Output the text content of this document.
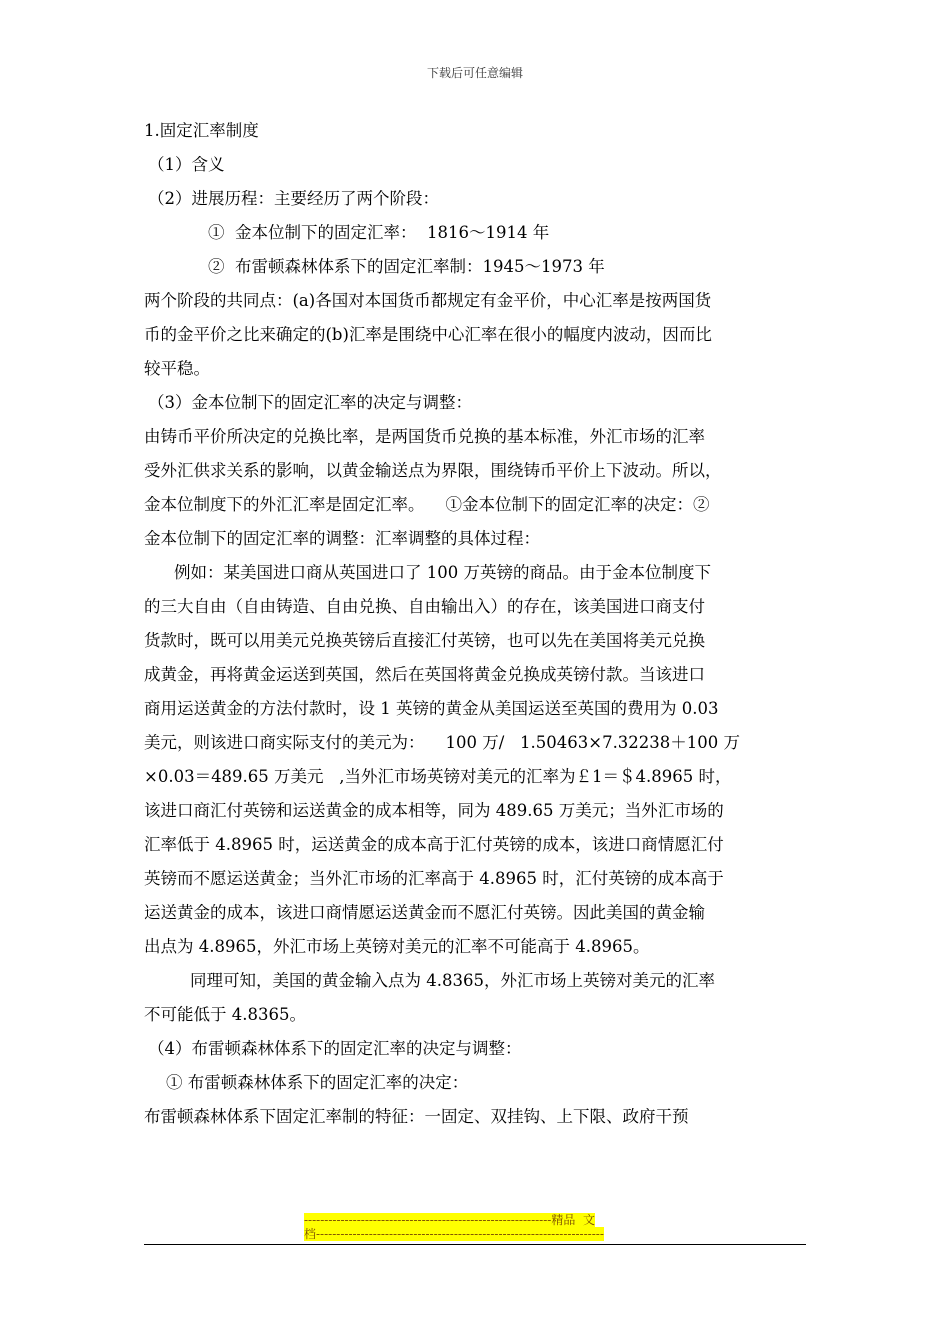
下载后可任意编辑
1.固定汇率制度
（1）含义
（2）进展历程：主要经历了两个阶段：
①  金本位制下的固定汇率：  1816～1914 年
②  布雷顿森林体系下的固定汇率制：1945～1973 年
两个阶段的共同点：(a)各国对本国货币都规定有金平价，中心汇率是按两国货
币的金平价之比来确定的(b)汇率是围绕中心汇率在很小的幅度内波动，因而比
较平稳。
（3）金本位制下的固定汇率的决定与调整：
由铸币平价所决定的兑换比率，是两国货币兑换的基本标准，外汇市场的汇率
受外汇供求关系的影响，以黄金输送点为界限，围绕铸币平价上下波动。所以，
金本位制度下的外汇汇率是固定汇率。    ①金本位制下的固定汇率的决定：②
金本位制下的固定汇率的调整：汇率调整的具体过程：
例如：某美国进口商从英国进口了 100 万英镑的商品。由于金本位制度下
的三大自由（自由铸造、自由兑换、自由输出入）的存在，该美国进口商支付
货款时，既可以用美元兑换英镑后直接汇付英镑，也可以先在美国将美元兑换
成黄金，再将黄金运送到英国，然后在英国将黄金兑换成英镑付款。当该进口
商用运送黄金的方法付款时，设 1 英镑的黄金从美国运送至英国的费用为 0.03
美元，则该进口商实际支付的美元为：    100 万/   1.50463×7.32238＋100 万
×0.03＝489.65 万美元   ,当外汇市场英镑对美元的汇率为￡1＝＄4.8965 时，
该进口商汇付英镑和运送黄金的成本相等，同为 489.65 万美元；当外汇市场的
汇率低于 4.8965 时，运送黄金的成本高于汇付英镑的成本，该进口商情愿汇付
英镑而不愿运送黄金；当外汇市场的汇率高于 4.8965 时，汇付英镑的成本高于
运送黄金的成本，该进口商情愿运送黄金而不愿汇付英镑。因此美国的黄金输
出点为 4.8965，外汇市场上英镑对美元的汇率不可能高于 4.8965。
同理可知，美国的黄金输入点为 4.8365，外汇市场上英镑对美元的汇率
不可能低于 4.8365。
（4）布雷顿森林体系下的固定汇率的决定与调整：
① 布雷顿森林体系下的固定汇率的决定：
布雷顿森林体系下固定汇率制的特征：一固定、双挂钩、上下限、政府干预
-------------------------------------------------------------精品  文
档-----------------------------------------------------------------------
